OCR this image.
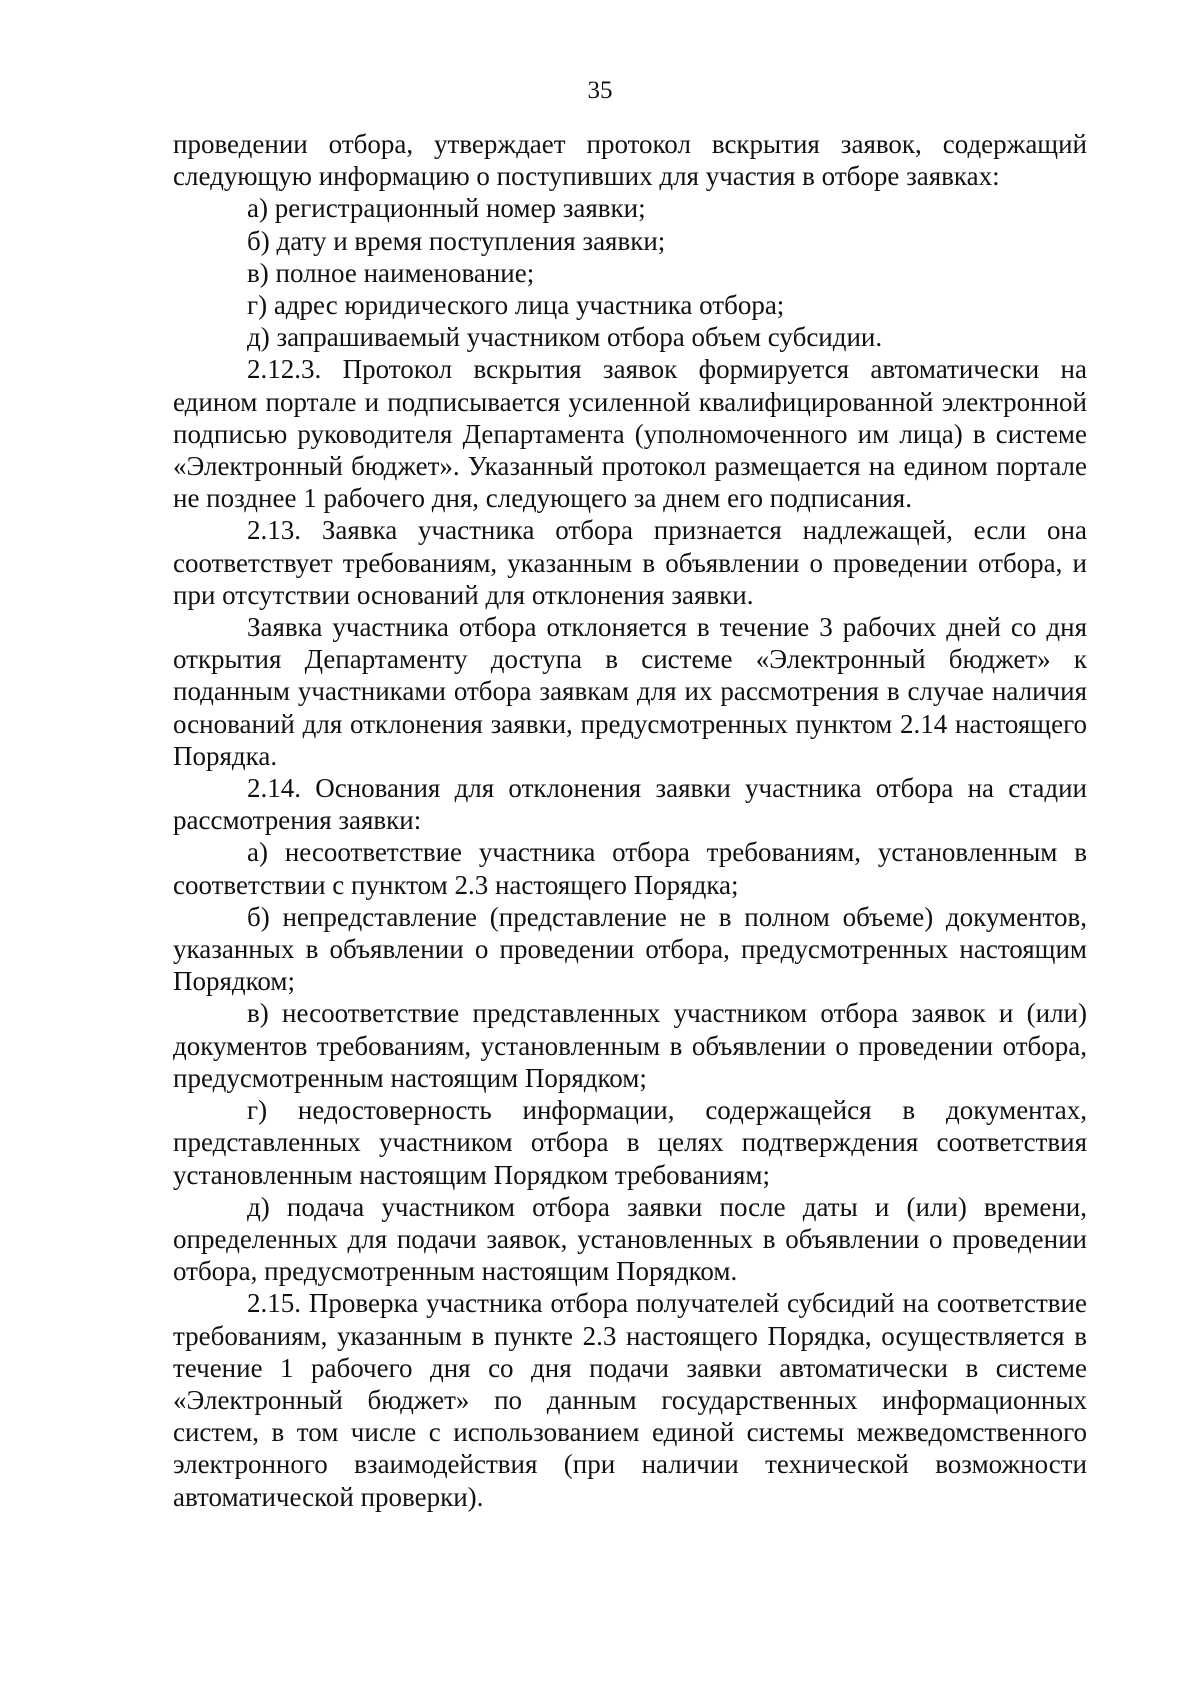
35

проведении отбора, утверждает протокол вскрытия заявок, содержащий следующую информацию о поступивших для участия в отборе заявках:

а) регистрационный номер заявки;

б) дату и время поступления заявки;

в) полное наименование;

г) адрес юридического лица участника отбора;

д) запрашиваемый участником отбора объем субсидии.

2.12.3. Протокол вскрытия заявок формируется автоматически на едином портале и подписывается усиленной квалифицированной электронной подписью руководителя Департамента (уполномоченного им лица) в системе «Электронный бюджет». Указанный протокол размещается на едином портале не позднее 1 рабочего дня, следующего за днем его подписания.

2.13. Заявка участника отбора признается надлежащей, если она соответствует требованиям, указанным в объявлении о проведении отбора, и при отсутствии оснований для отклонения заявки.

Заявка участника отбора отклоняется в течение 3 рабочих дней со дня открытия Департаменту доступа в системе «Электронный бюджет» к поданным участниками отбора заявкам для их рассмотрения в случае наличия оснований для отклонения заявки, предусмотренных пунктом 2.14 настоящего Порядка.

2.14. Основания для отклонения заявки участника отбора на стадии рассмотрения заявки:

а) несоответствие участника отбора требованиям, установленным в соответствии с пунктом 2.3 настоящего Порядка;

б) непредставление (представление не в полном объеме) документов, указанных в объявлении о проведении отбора, предусмотренных настоящим Порядком;

в) несоответствие представленных участником отбора заявок и (или) документов требованиям, установленным в объявлении о проведении отбора, предусмотренным настоящим Порядком;

г) недостоверность информации, содержащейся в документах, представленных участником отбора в целях подтверждения соответствия установленным настоящим Порядком требованиям;

д) подача участником отбора заявки после даты и (или) времени, определенных для подачи заявок, установленных в объявлении о проведении отбора, предусмотренным настоящим Порядком.

2.15. Проверка участника отбора получателей субсидий на соответствие требованиям, указанным в пункте 2.3 настоящего Порядка, осуществляется в течение 1 рабочего дня со дня подачи заявки автоматически в системе «Электронный бюджет» по данным государственных информационных систем, в том числе с использованием единой системы межведомственного электронного взаимодействия (при наличии технической возможности автоматической проверки).
